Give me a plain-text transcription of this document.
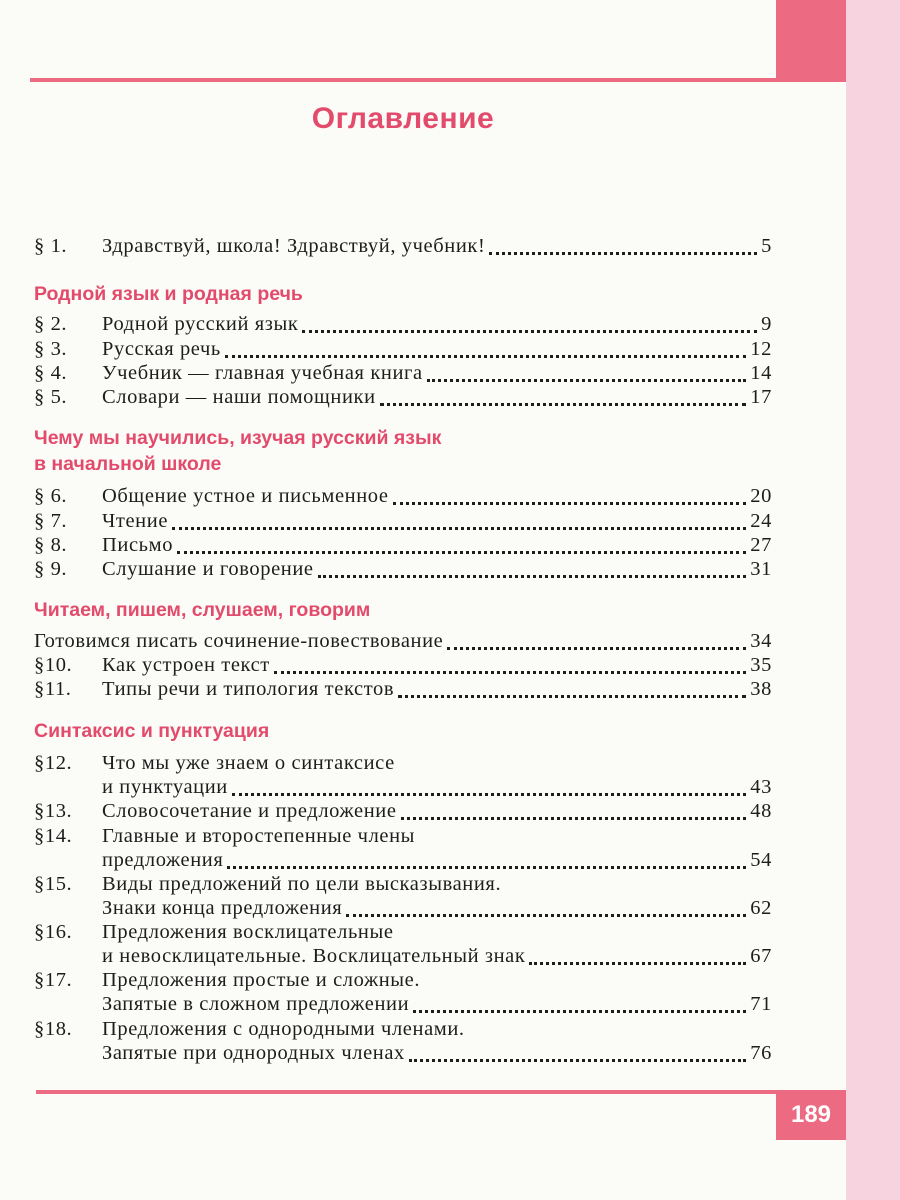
Оглавление
§ 1.	Здравствуй, школа! Здравствуй, учебник!	5
Родной язык и родная речь
§ 2.	Родной русский язык	9
§ 3.	Русская речь	12
§ 4.	Учебник — главная учебная книга	14
§ 5.	Словари — наши помощники	17
Чему мы научились, изучая русский язык
в начальной школе
§ 6.	Общение устное и письменное	20
§ 7.	Чтение	24
§ 8.	Письмо	27
§ 9.	Слушание и говорение	31
Читаем, пишем, слушаем, говорим
Готовимся писать сочинение-повествование	34
§10.	Как устроен текст	35
§11.	Типы речи и типология текстов	38
Синтаксис и пунктуация
§12.	Что мы уже знаем о синтаксисе
и пунктуации	43
§13.	Словосочетание и предложение	48
§14.	Главные и второстепенные члены
предложения	54
§15.	Виды предложений по цели высказывания.
Знаки конца предложения	62
§16.	Предложения восклицательные
и невосклицательные. Восклицательный знак	67
§17.	Предложения простые и сложные.
Запятые в сложном предложении	71
§18.	Предложения с однородными членами.
Запятые при однородных членах	76
189
